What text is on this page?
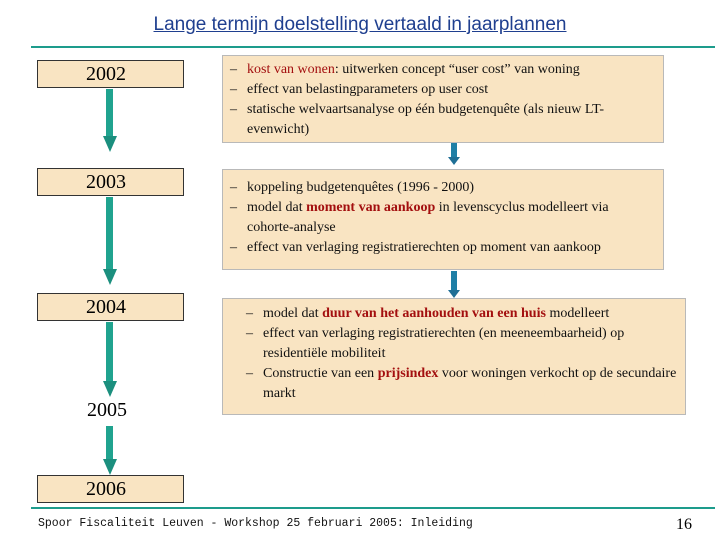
Lange termijn doelstelling vertaald in jaarplannen
2002
2003
2004
2005
2006
– kost van wonen: uitwerken concept “user cost” van woning
– effect van belastingparameters op user cost
– statische welvaartsanalyse op één budgetenquête (als nieuw LT-evenwicht)
– koppeling budgetenquêtes (1996 - 2000)
– model dat moment van aankoop in levenscyclus modelleert via cohorte-analyse
– effect van verlaging registratierechten op moment van aankoop
– model dat duur van het aanhouden van een huis modelleert
– effect van verlaging registratierechten (en meeneembaarheid) op residentiële mobiliteit
– Constructie van een prijsindex voor woningen verkocht op de secundaire markt
Spoor Fiscaliteit Leuven - Workshop 25 februari 2005: Inleiding	16
